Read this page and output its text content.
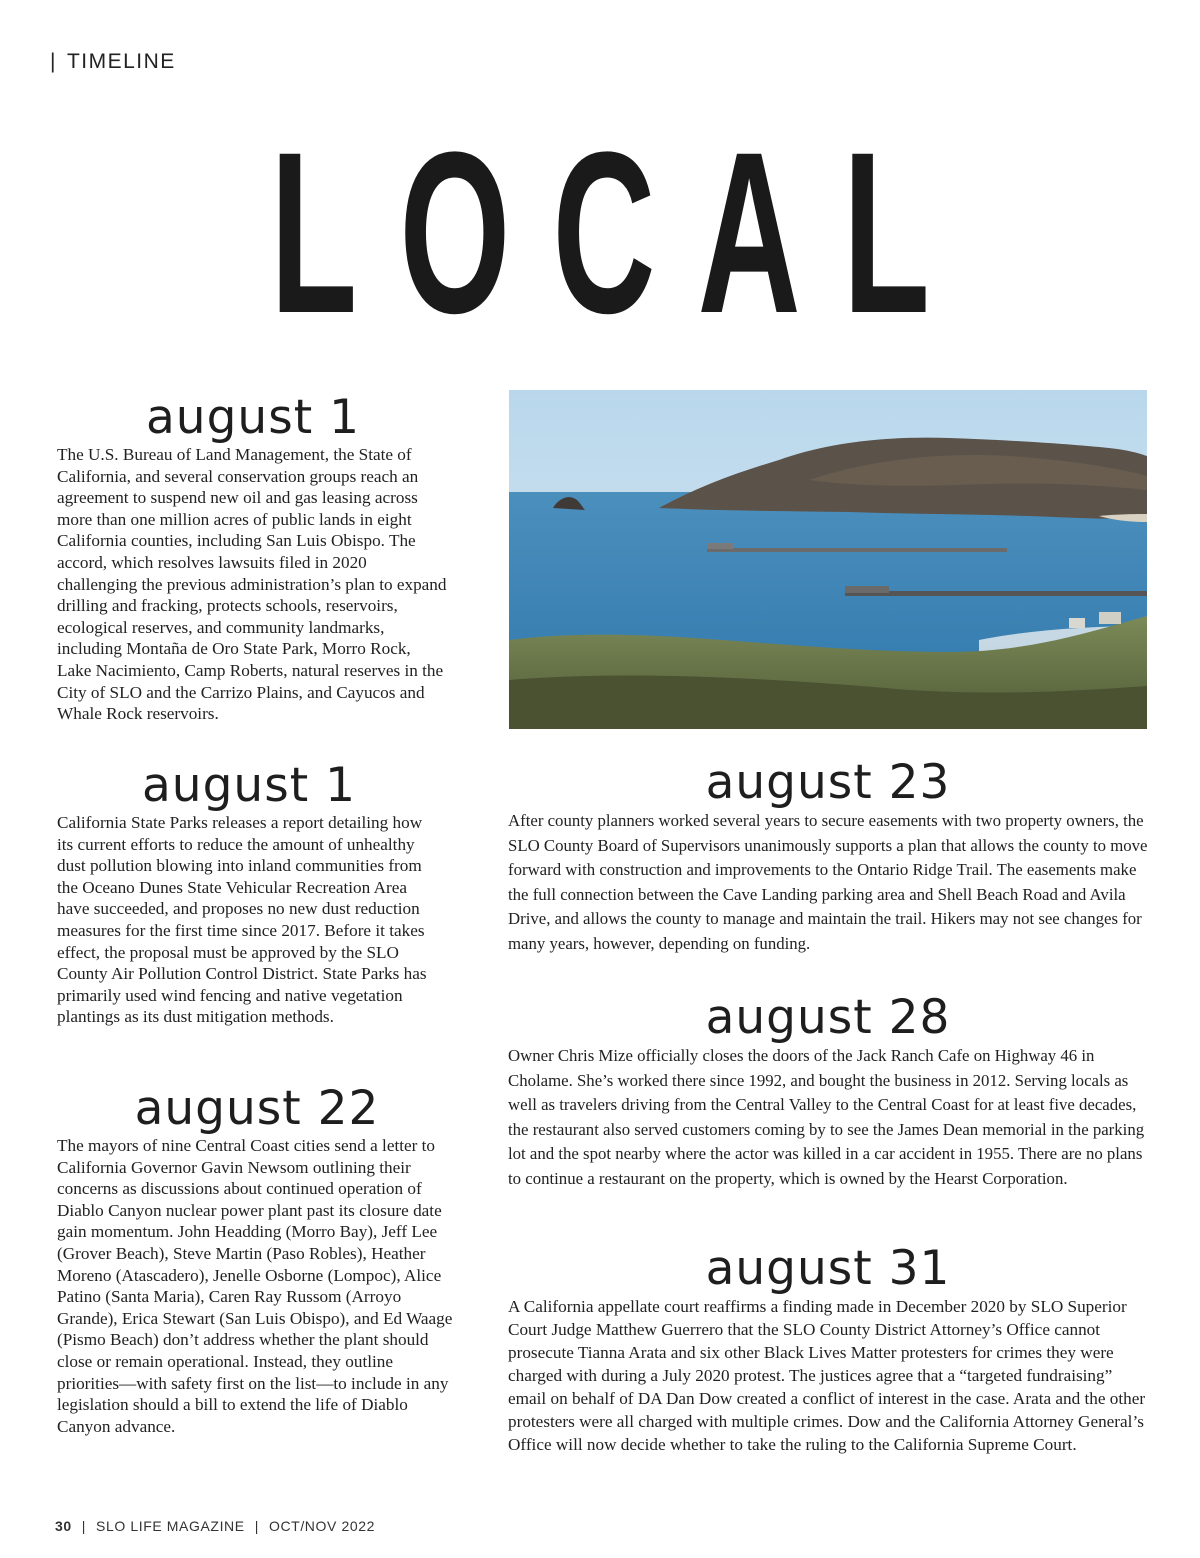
| TIMELINE
LOCAL
august 1

The U.S. Bureau of Land Management, the State of California, and several conservation groups reach an agreement to suspend new oil and gas leasing across more than one million acres of public lands in eight California counties, including San Luis Obispo. The accord, which resolves lawsuits filed in 2020 challenging the previous administration’s plan to expand drilling and fracking, protects schools, reservoirs, ecological reserves, and community landmarks, including Montaña de Oro State Park, Morro Rock, Lake Nacimiento, Camp Roberts, natural reserves in the City of SLO and the Carrizo Plains, and Cayucos and Whale Rock reservoirs.

august 1

California State Parks releases a report detailing how its current efforts to reduce the amount of unhealthy dust pollution blowing into inland communities from the Oceano Dunes State Vehicular Recreation Area have succeeded, and proposes no new dust reduction measures for the first time since 2017. Before it takes effect, the proposal must be approved by the SLO County Air Pollution Control District. State Parks has primarily used wind fencing and native vegetation plantings as its dust mitigation methods.

august 22

The mayors of nine Central Coast cities send a letter to California Governor Gavin Newsom outlining their concerns as discussions about continued operation of Diablo Canyon nuclear power plant past its closure date gain momentum. John Headding (Morro Bay), Jeff Lee (Grover Beach), Steve Martin (Paso Robles), Heather Moreno (Atascadero), Jenelle Osborne (Lompoc), Alice Patino (Santa Maria), Caren Ray Russom (Arroyo Grande), Erica Stewart (San Luis Obispo), and Ed Waage (Pismo Beach) don’t address whether the plant should close or remain operational. Instead, they outline priorities—with safety first on the list—to include in any legislation should a bill to extend the life of Diablo Canyon advance.

august 23

After county planners worked several years to secure easements with two property owners, the SLO County Board of Supervisors unanimously supports a plan that allows the county to move forward with construction and improvements to the Ontario Ridge Trail. The easements make the full connection between the Cave Landing parking area and Shell Beach Road and Avila Drive, and allows the county to manage and maintain the trail. Hikers may not see changes for many years, however, depending on funding.

august 28

Owner Chris Mize officially closes the doors of the Jack Ranch Cafe on Highway 46 in Cholame. She’s worked there since 1992, and bought the business in 2012. Serving locals as well as travelers driving from the Central Valley to the Central Coast for at least five decades, the restaurant also served customers coming by to see the James Dean memorial in the parking lot and the spot nearby where the actor was killed in a car accident in 1955. There are no plans to continue a restaurant on the property, which is owned by the Hearst Corporation.

august 31

A California appellate court reaffirms a finding made in December 2020 by SLO Superior Court Judge Matthew Guerrero that the SLO County District Attorney’s Office cannot prosecute Tianna Arata and six other Black Lives Matter protesters for crimes they were charged with during a July 2020 protest. The justices agree that a “targeted fundraising” email on behalf of DA Dan Dow created a conflict of interest in the case. Arata and the other protesters were all charged with multiple crimes. Dow and the California Attorney General’s Office will now decide whether to take the ruling to the California Supreme Court.

30 | SLO LIFE MAGAZINE | OCT/NOV 2022
